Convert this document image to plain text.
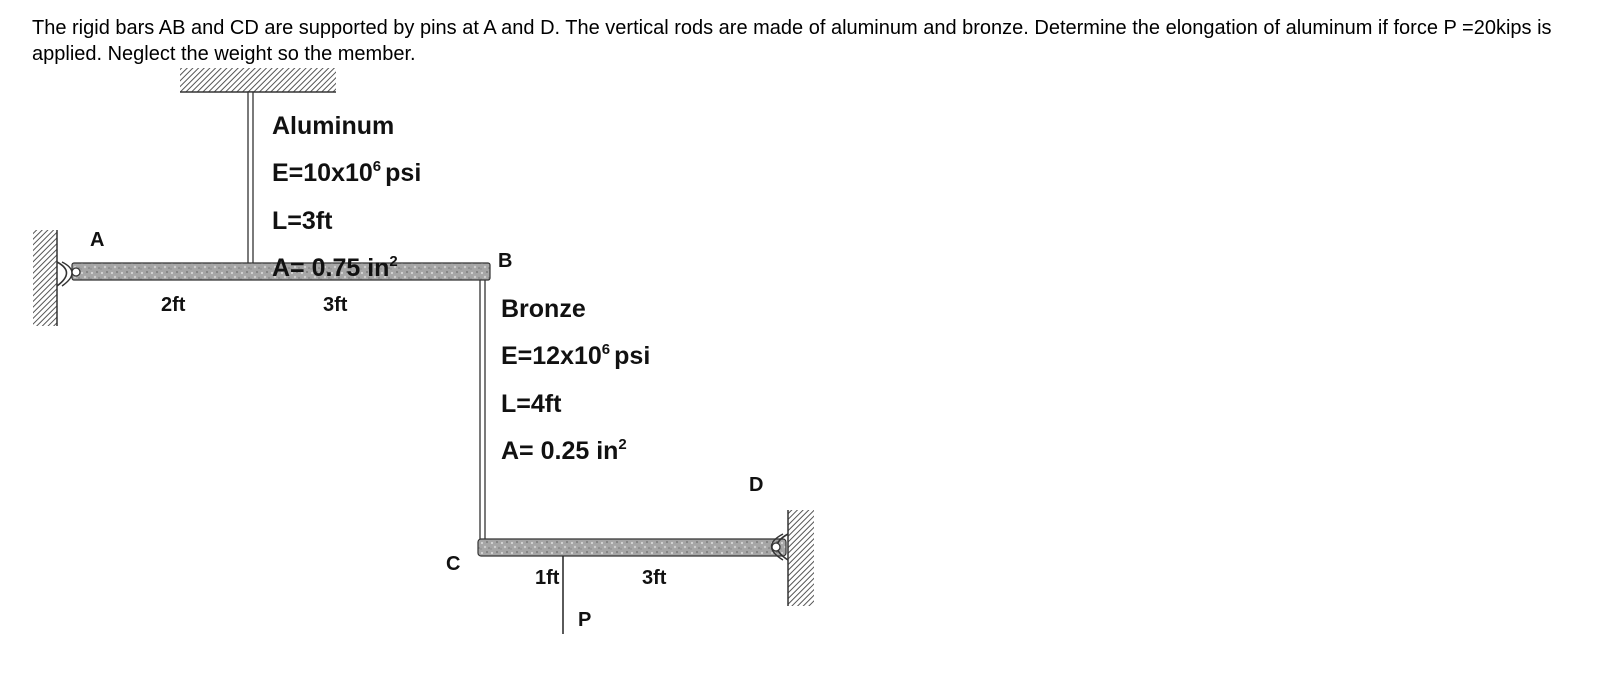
The rigid bars AB and CD are supported by pins at A and D. The vertical rods are made of aluminum and bronze. Determine the elongation of aluminum if force P =20kips is applied. Neglect the weight so the member.

A
B
C
D
P
Aluminum
$E=10x10^6$ psi
L=3ft
A= 0.75 $in^2$
Bronze
$E=12x10^6$ psi
L=4ft
A= 0.25 $in^2$
2ft	3ft
1ft	3ft
